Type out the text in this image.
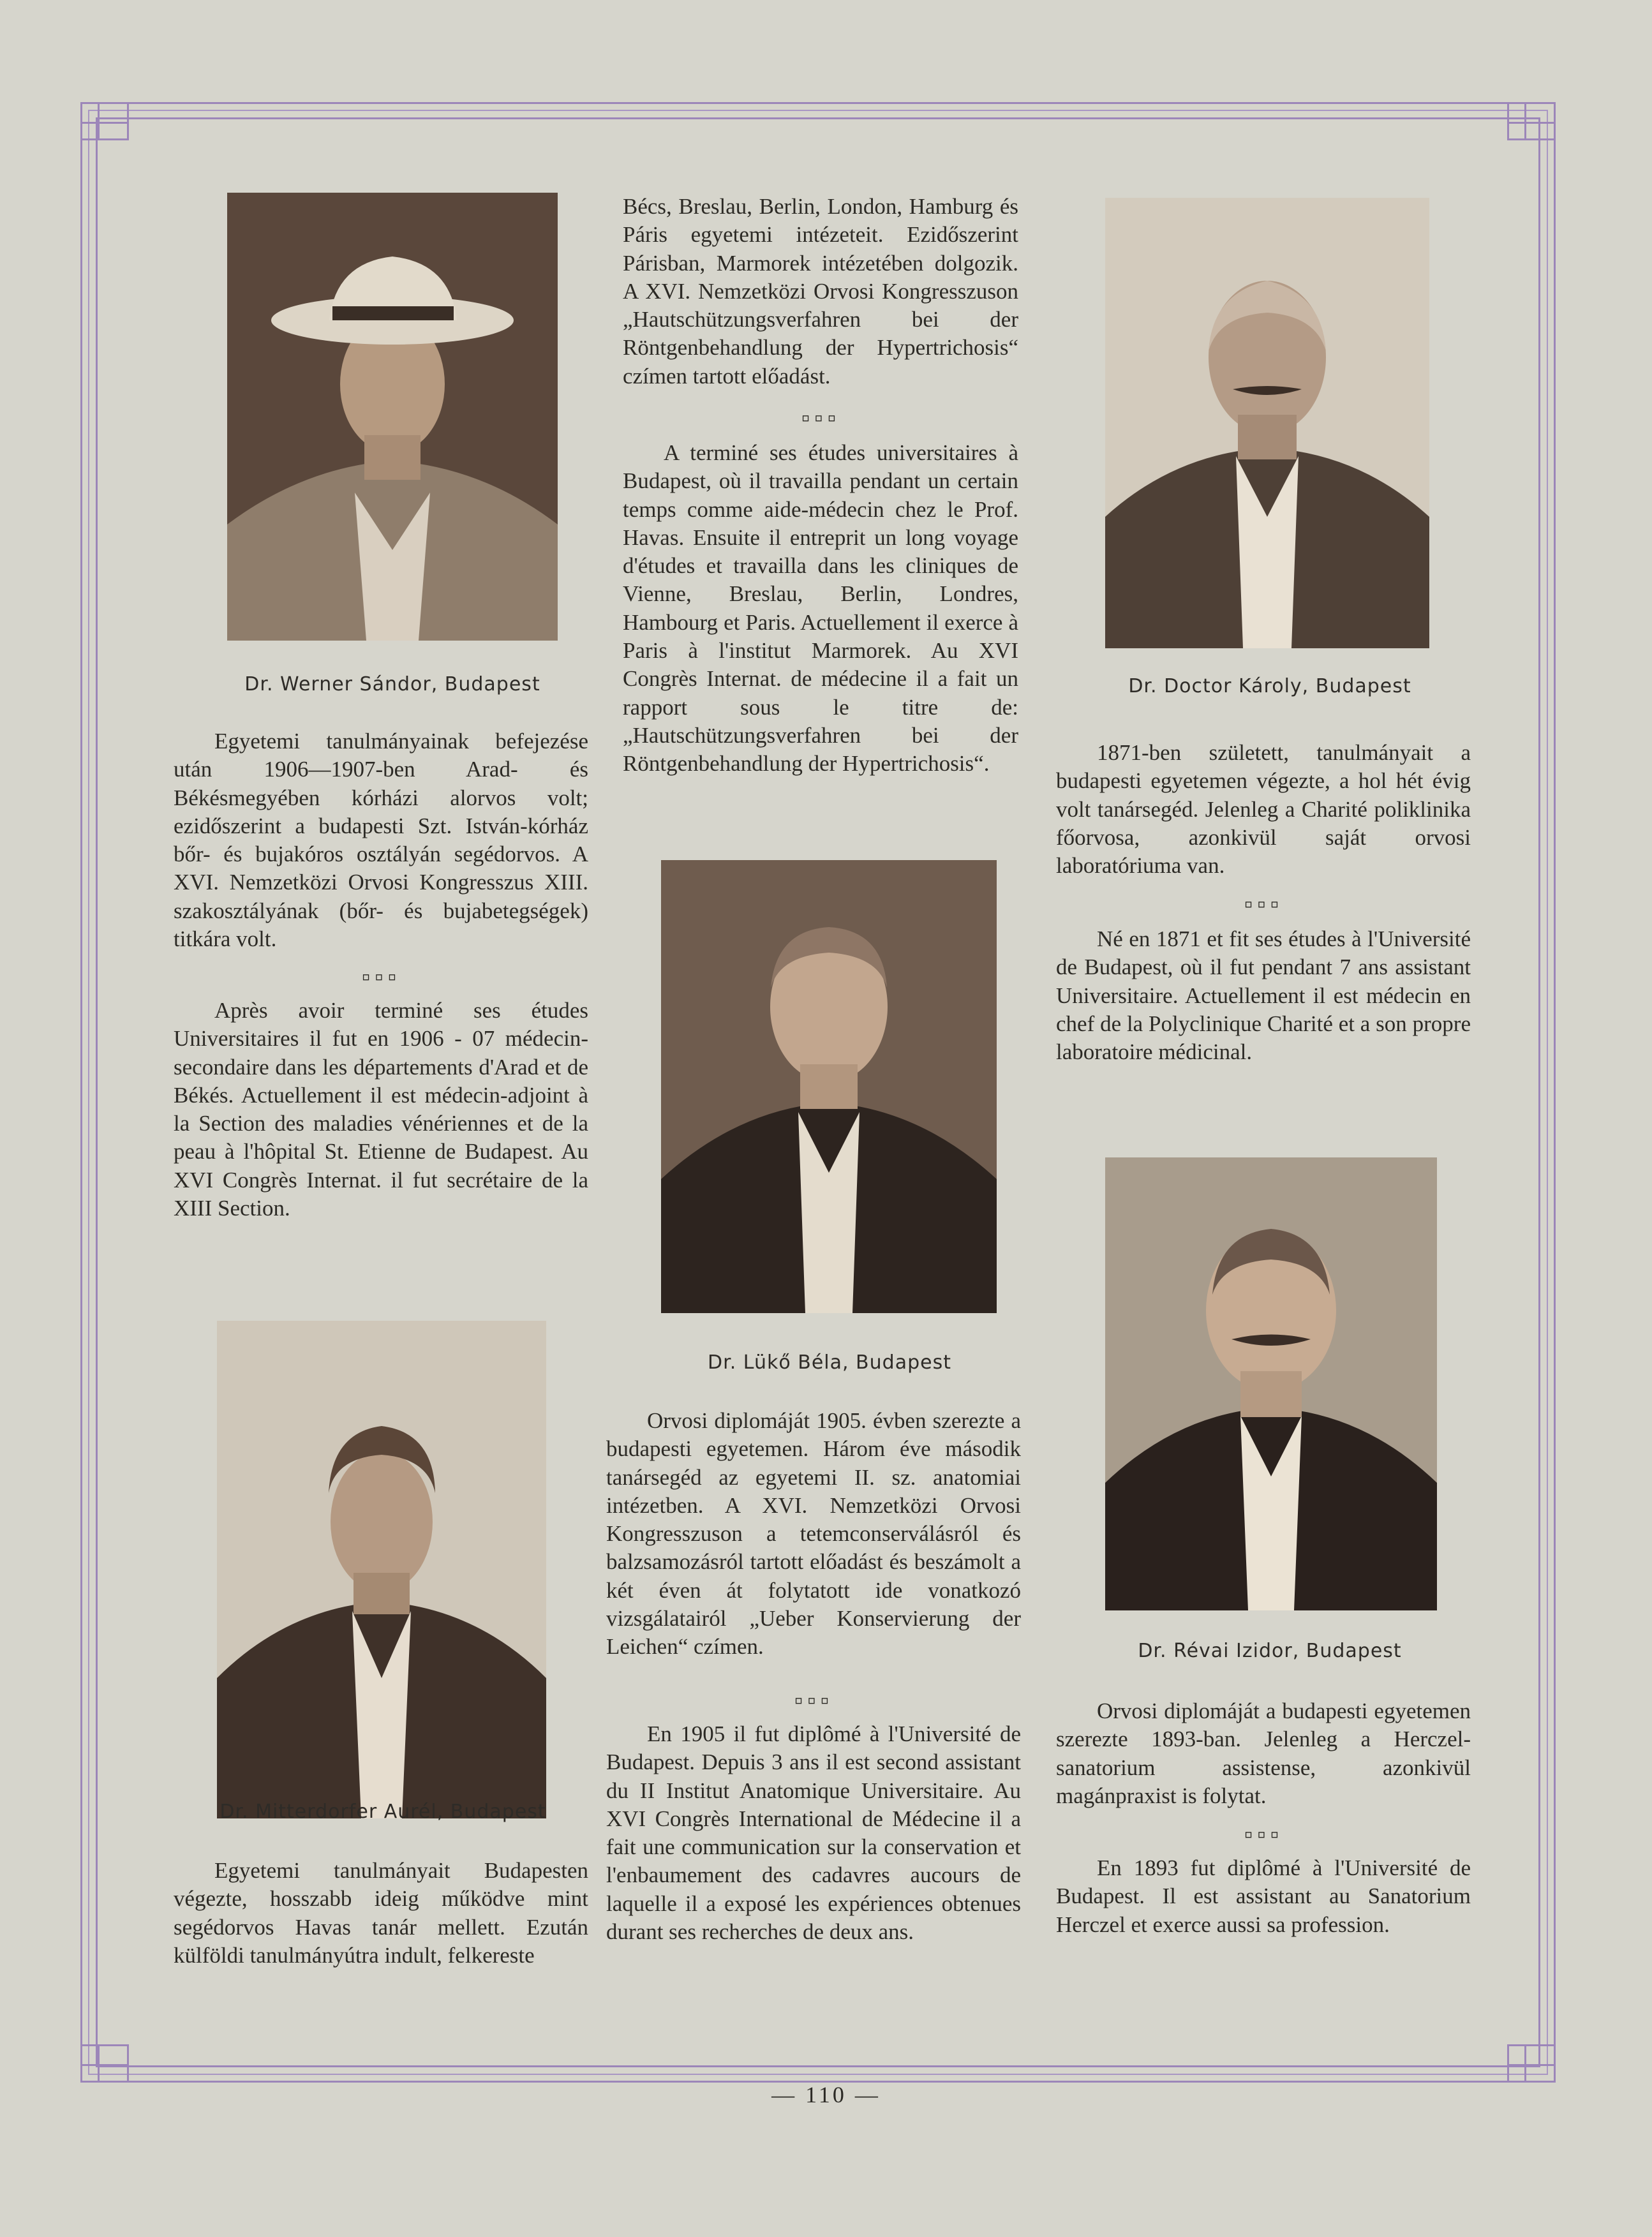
Dr. Werner Sándor, Budapest

Egyetemi tanulmányainak befejezése után 1906—1907-ben Arad- és Békésmegyében kórházi alorvos volt; ezidőszerint a budapesti Szt. István-kórház bőr- és bujakóros osztályán segédorvos. A XVI. Nemzetközi Orvosi Kongresszus XIII. szakosztályának (bőr- és bujabetegségek) titkára volt.

▫▫▫

Après avoir terminé ses études Universitaires il fut en 1906 - 07 médecin-secondaire dans les départements d'Arad et de Békés. Actuellement il est médecin-adjoint à la Section des maladies vénériennes et de la peau à l'hôpital St. Etienne de Budapest. Au XVI Congrès Internat. il fut secrétaire de la XIII Section.

Dr. Mitterdorfer Aurél, Budapest

Egyetemi tanulmányait Budapesten végezte, hosszabb ideig működve mint segédorvos Havas tanár mellett. Ezután külföldi tanulmányútra indult, felkereste

Bécs, Breslau, Berlin, London, Hamburg és Páris egyetemi intézeteit. Ezidőszerint Párisban, Marmorek intézetében dolgozik. A XVI. Nemzetközi Orvosi Kongresszuson „Hautschützungsverfahren bei der Röntgenbehandlung der Hypertrichosis“ czímen tartott előadást.

▫▫▫

A terminé ses études universitaires à Budapest, où il travailla pendant un certain temps comme aide-médecin chez le Prof. Havas. Ensuite il entreprit un long voyage d'études et travailla dans les cliniques de Vienne, Breslau, Berlin, Londres, Hambourg et Paris. Actuellement il exerce à Paris à l'institut Marmorek. Au XVI Congrès Internat. de médecine il a fait un rapport sous le titre de: „Hautschützungsverfahren bei der Röntgenbehandlung der Hypertrichosis“.

Dr. Lükő Béla, Budapest

Orvosi diplomáját 1905. évben szerezte a budapesti egyetemen. Három éve második tanársegéd az egyetemi II. sz. anatomiai intézetben. A XVI. Nemzetközi Orvosi Kongresszuson a tetemconserválásról és balzsamozásról tartott előadást és beszámolt a két éven át folytatott ide vonatkozó vizsgálatairól „Ueber Konservierung der Leichen“ czímen.

▫▫▫

En 1905 il fut diplômé à l'Université de Budapest. Depuis 3 ans il est second assistant du II Institut Anatomique Universitaire. Au XVI Congrès International de Médecine il a fait une communication sur la conservation et l'enbaumement des cadavres aucours de laquelle il a exposé les expériences obtenues durant ses recherches de deux ans.

Dr. Doctor Károly, Budapest

1871-ben született, tanulmányait a budapesti egyetemen végezte, a hol hét évig volt tanársegéd. Jelenleg a Charité poliklinika főorvosa, azonkivül saját orvosi laboratóriuma van.

▫▫▫

Né en 1871 et fit ses études à l'Université de Budapest, où il fut pendant 7 ans assistant Universitaire. Actuellement il est médecin en chef de la Polyclinique Charité et a son propre laboratoire médicinal.

Dr. Révai Izidor, Budapest

Orvosi diplomáját a budapesti egyetemen szerezte 1893-ban. Jelenleg a Herczel-sanatorium assistense, azonkivül magánpraxist is folytat.

▫▫▫

En 1893 fut diplômé à l'Université de Budapest. Il est assistant au Sanatorium Herczel et exerce aussi sa profession.

— 110 —
